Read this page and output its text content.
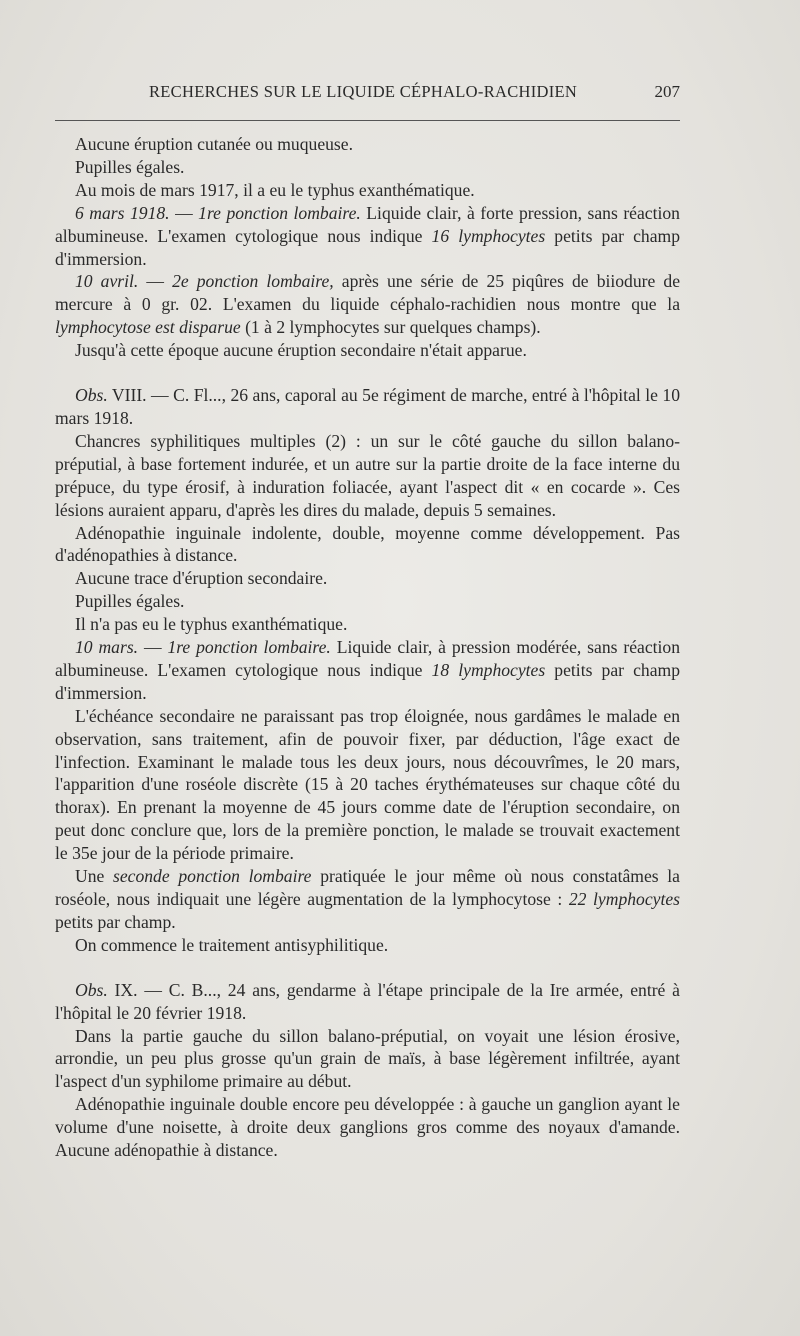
RECHERCHES SUR LE LIQUIDE CÉPHALO-RACHIDIEN	207

Aucune éruption cutanée ou muqueuse.

Pupilles égales.

Au mois de mars 1917, il a eu le typhus exanthématique.

6 mars 1918. — 1re ponction lombaire. Liquide clair, à forte pression, sans réaction albumineuse. L'examen cytologique nous indique 16 lymphocytes petits par champ d'immersion.

10 avril. — 2e ponction lombaire, après une série de 25 piqûres de biiodure de mercure à 0 gr. 02. L'examen du liquide céphalo-rachidien nous montre que la lymphocytose est disparue (1 à 2 lymphocytes sur quelques champs).

Jusqu'à cette époque aucune éruption secondaire n'était apparue.

Obs. VIII. — C. Fl..., 26 ans, caporal au 5e régiment de marche, entré à l'hôpital le 10 mars 1918.

Chancres syphilitiques multiples (2) : un sur le côté gauche du sillon balano-préputial, à base fortement indurée, et un autre sur la partie droite de la face interne du prépuce, du type érosif, à induration foliacée, ayant l'aspect dit « en cocarde ». Ces lésions auraient apparu, d'après les dires du malade, depuis 5 semaines.

Adénopathie inguinale indolente, double, moyenne comme développement. Pas d'adénopathies à distance.

Aucune trace d'éruption secondaire.

Pupilles égales.

Il n'a pas eu le typhus exanthématique.

10 mars. — 1re ponction lombaire. Liquide clair, à pression modérée, sans réaction albumineuse. L'examen cytologique nous indique 18 lymphocytes petits par champ d'immersion.

L'échéance secondaire ne paraissant pas trop éloignée, nous gardâmes le malade en observation, sans traitement, afin de pouvoir fixer, par déduction, l'âge exact de l'infection. Examinant le malade tous les deux jours, nous découvrîmes, le 20 mars, l'apparition d'une roséole discrète (15 à 20 taches érythémateuses sur chaque côté du thorax). En prenant la moyenne de 45 jours comme date de l'éruption secondaire, on peut donc conclure que, lors de la première ponction, le malade se trouvait exactement le 35e jour de la période primaire.

Une seconde ponction lombaire pratiquée le jour même où nous constatâmes la roséole, nous indiquait une légère augmentation de la lymphocytose : 22 lymphocytes petits par champ.

On commence le traitement antisyphilitique.

Obs. IX. — C. B..., 24 ans, gendarme à l'étape principale de la Ire armée, entré à l'hôpital le 20 février 1918.

Dans la partie gauche du sillon balano-préputial, on voyait une lésion érosive, arrondie, un peu plus grosse qu'un grain de maïs, à base légèrement infiltrée, ayant l'aspect d'un syphilome primaire au début.

Adénopathie inguinale double encore peu développée : à gauche un ganglion ayant le volume d'une noisette, à droite deux ganglions gros comme des noyaux d'amande. Aucune adénopathie à distance.
